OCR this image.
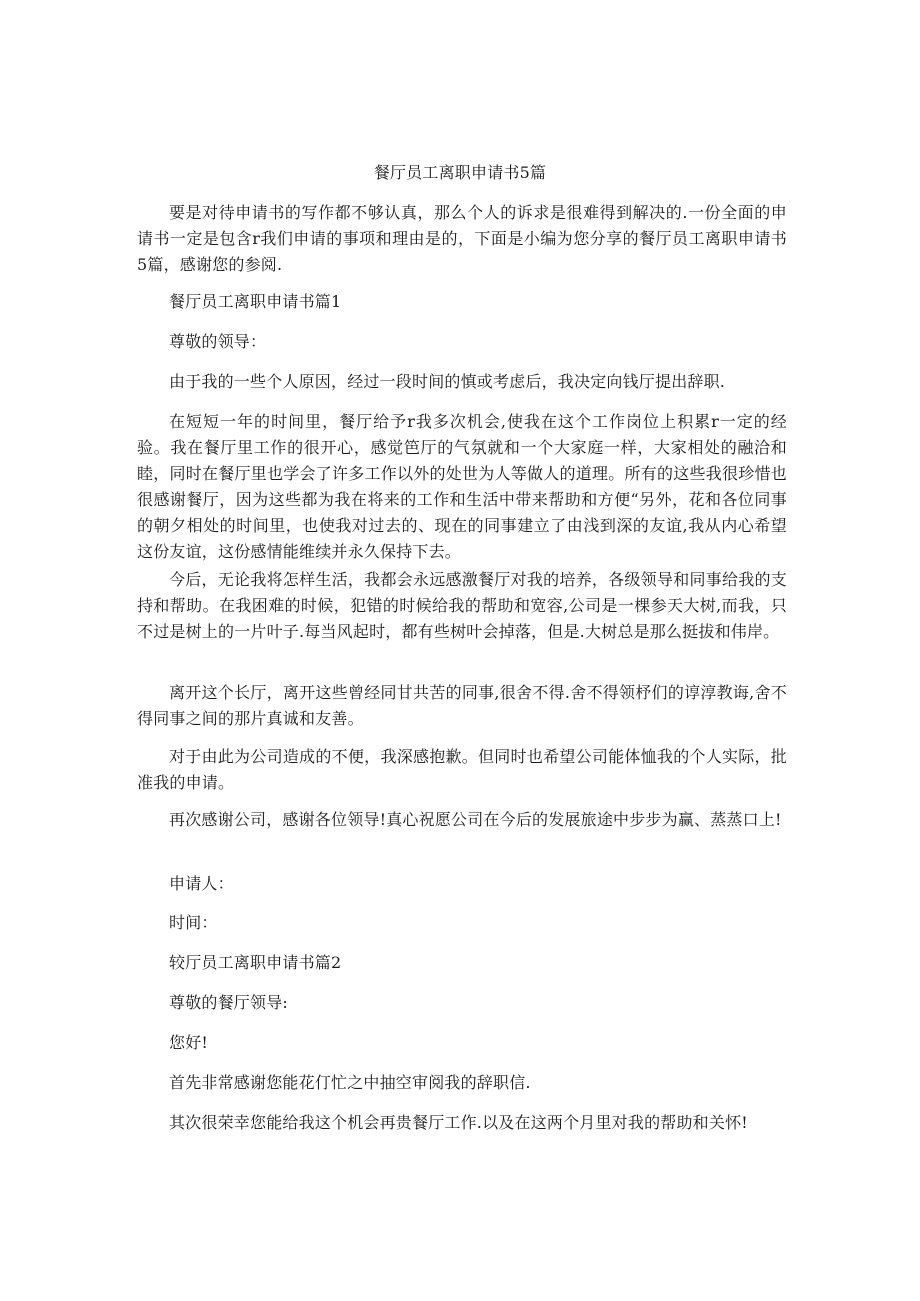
餐厅员工离职申请书5篇
要是对待申请书的写作都不够认真，那么个人的诉求是很难得到解决的.一份全面的申请书一定是包含r我们申请的事项和理由是的，下面是小编为您分享的餐厅员工离职申请书5篇，感谢您的参阅.
餐厅员工离职申请书篇1
尊敬的领导：
由于我的一些个人原因，经过一段时间的慎或考虑后，我决定向钱厅提出辞职.
在短短一年的时间里，餐厅给予r我多次机会,使我在这个工作岗位上积累r一定的经验。我在餐厅里工作的很开心，感觉笆厅的气氛就和一个大家庭一样，大家相处的融洽和睦，同时在餐厅里也学会了许多工作以外的处世为人等做人的道理。所有的这些我很珍惜也很感谢餐厅，因为这些都为我在将来的工作和生活中带来帮助和方便“另外，花和各位同事的朝夕相处的时间里，也使我对过去的、现在的同事建立了由浅到深的友谊,我从内心希望这份友谊，这份感情能维续并永久保持下去。
今后，无论我将怎样生活，我都会永远感激餐厅对我的培养，各级领导和同事给我的支持和帮助。在我困难的时候，犯错的时候给我的帮助和宽容,公司是一棵参天大树,而我，只不过是树上的一片叶子.每当风起时，都有些树叶会掉落，但是.大树总是那么挺拔和伟岸。
离开这个长厅，离开这些曾经同甘共苦的同事,很舍不得.舍不得领杼们的谆淳教诲,舍不得同事之间的那片真诚和友善。
对于由此为公司造成的不便，我深感抱歉。但同时也希望公司能体恤我的个人实际，批准我的申请。
再次感谢公司，感谢各位领导!真心祝愿公司在今后的发展旅途中步步为赢、蒸蒸口上!
申请人：
时间：
较厅员工离职申请书篇2
尊敬的餐厅领导:
您好!
首先非常感谢您能花仃忙之中抽空审阅我的辞职信.
其次很荣幸您能给我这个机会再贵餐厅工作.以及在这两个月里对我的帮助和关怀!
